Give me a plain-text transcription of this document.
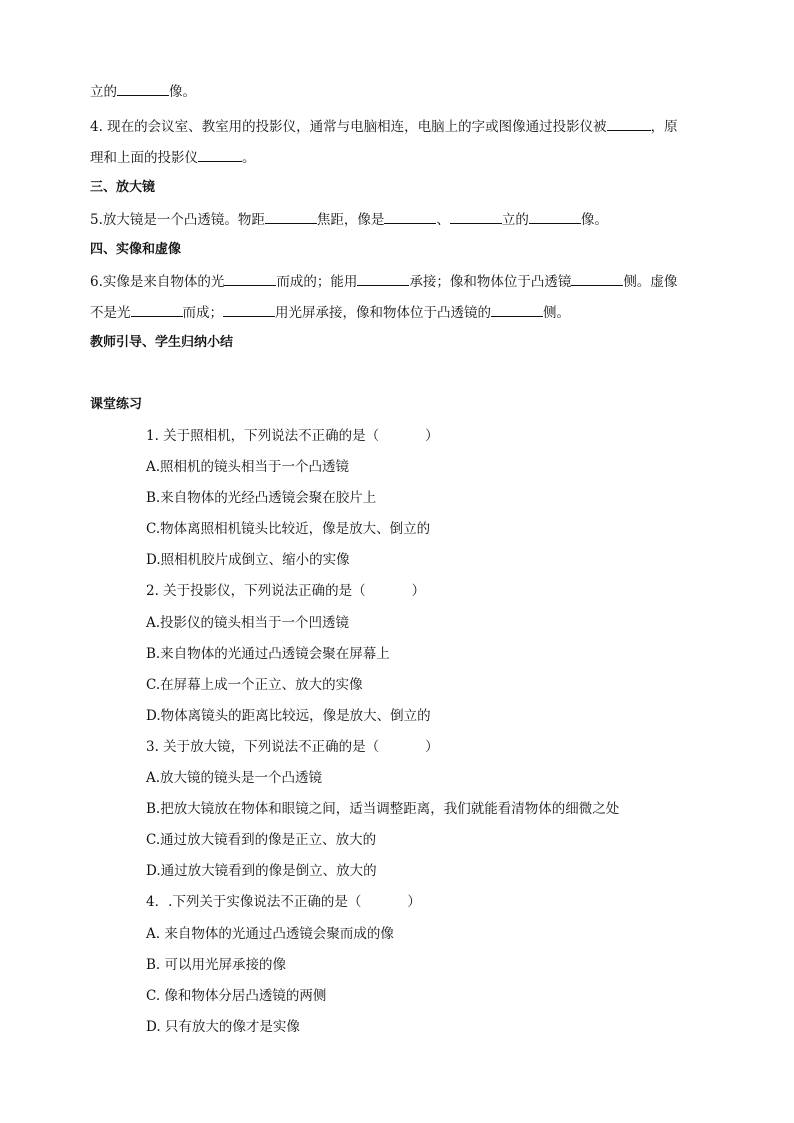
立的	像。
4. 现在的会议室、教室用的投影仪，通常与电脑相连，电脑上的字或图像通过投影仪被	，原
理和上面的投影仪	。
三、放大镜
5.放大镜是一个凸透镜。物距	焦距，像是	、	立的	像。
四、实像和虚像
6.实像是来自物体的光	而成的；能用	承接；像和物体位于凸透镜	侧。虚像
不是光	而成；	用光屏承接，像和物体位于凸透镜的	侧。
教师引导、学生归纳小结
课堂练习
1. 关于照相机，下列说法不正确的是（	）
A.照相机的镜头相当于一个凸透镜
B.来自物体的光经凸透镜会聚在胶片上
C.物体离照相机镜头比较近，像是放大、倒立的
D.照相机胶片成倒立、缩小的实像
2. 关于投影仪，下列说法正确的是（	）
A.投影仪的镜头相当于一个凹透镜
B.来自物体的光通过凸透镜会聚在屏幕上
C.在屏幕上成一个正立、放大的实像
D.物体离镜头的距离比较远，像是放大、倒立的
3. 关于放大镜，下列说法不正确的是（	）
A.放大镜的镜头是一个凸透镜
B.把放大镜放在物体和眼镜之间，适当调整距离，我们就能看清物体的细微之处
C.通过放大镜看到的像是正立、放大的
D.通过放大镜看到的像是倒立、放大的
4．.下列关于实像说法不正确的是（	）
A. 来自物体的光通过凸透镜会聚而成的像
B. 可以用光屏承接的像
C. 像和物体分居凸透镜的两侧
D. 只有放大的像才是实像
